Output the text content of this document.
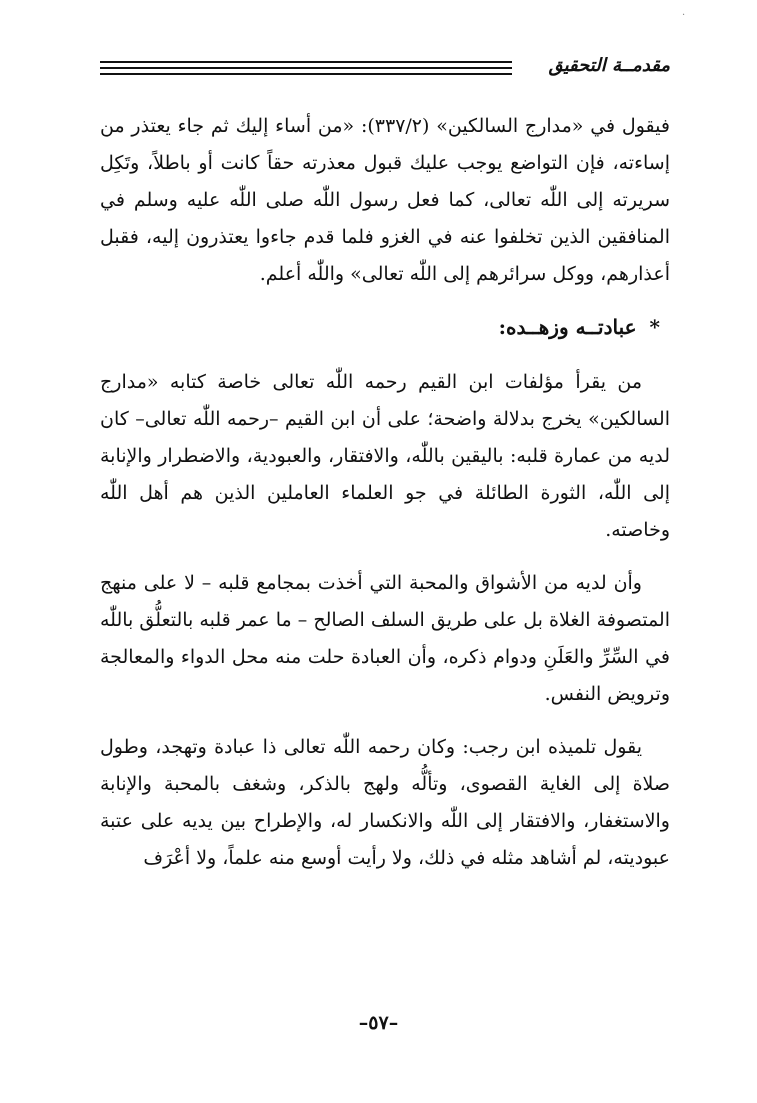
·
مقدمــة التحقيق

فيقول في «مدارج السالكين» (٣٣٧/٢): «من أساء إليك ثم جاء يعتذر من إساءته، فإن التواضع يوجب عليك قبول معذرته حقاً كانت أو باطلاً، وتَكِل سريرته إلى اللّٰه تعالى، كما فعل رسول اللّٰه صلى اللّٰه عليه وسلم في المنافقين الذين تخلفوا عنه في الغزو فلما قدم جاءوا يعتذرون إليه، فقبل أعذارهم، ووكل سرائرهم إلى اللّٰه تعالى» واللّٰه أعلم.

* عبادتــه وزهــده:

من يقرأ مؤلفات ابن القيم رحمه اللّٰه تعالى خاصة كتابه «مدارج السالكين» يخرج بدلالة واضحة؛ على أن ابن القيم –رحمه اللّٰه تعالى– كان لديه من عمارة قلبه: باليقين باللّٰه، والافتقار، والعبودية، والاضطرار والإنابة إلى اللّٰه، الثورة الطائلة في جو العلماء العاملين الذين هم أهل اللّٰه وخاصته.

وأن لديه من الأشواق والمحبة التي أخذت بمجامع قلبه – لا على منهج المتصوفة الغلاة بل على طريق السلف الصالح – ما عمر قلبه بالتعلُّق باللّٰه في السِّرِّ والعَلَنِ ودوام ذكره، وأن العبادة حلت منه محل الدواء والمعالجة وترويض النفس.

يقول تلميذه ابن رجب: وكان رحمه اللّٰه تعالى ذا عبادة وتهجد، وطول صلاة إلى الغاية القصوى، وتألُّه ولهج بالذكر، وشغف بالمحبة والإنابة والاستغفار، والافتقار إلى اللّٰه والانكسار له، والإطراح بين يديه على عتبة عبوديته، لم أشاهد مثله في ذلك، ولا رأيت أوسع منه علماً، ولا أعْرَف

–٥٧–
